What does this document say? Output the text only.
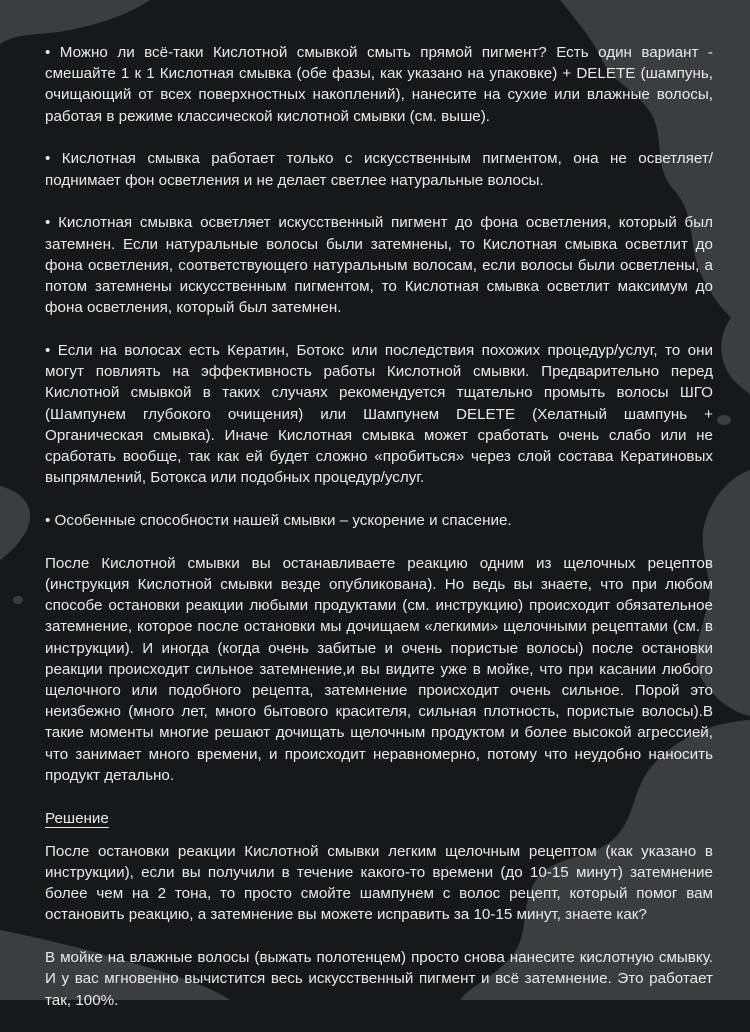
• Можно ли всё-таки Кислотной смывкой смыть прямой пигмент? Есть один вариант - смешайте 1 к 1 Кислотная смывка (обе фазы, как указано на упаковке) + DELETE (шампунь, очищающий от всех поверхностных накоплений), нанесите на сухие или влажные волосы, работая в режиме классической кислотной смывки (см. выше).

• Кислотная смывка работает только с искусственным пигментом, она не осветляет/поднимает фон осветления и не делает светлее натуральные волосы.

• Кислотная смывка осветляет искусственный пигмент до фона осветления, который был затемнен. Если натуральные волосы были затемнены, то Кислотная смывка осветлит до фона осветления, соответствующего натуральным волосам, если волосы были осветлены, а потом затемнены искусственным пигментом, то Кислотная смывка осветлит максимум до фона осветления, который был затемнен.

• Если на волосах есть Кератин, Ботокс или последствия похожих процедур/услуг, то они могут повлиять на эффективность работы Кислотной смывки. Предварительно перед Кислотной смывкой в таких случаях рекомендуется тщательно промыть волосы ШГО (Шампунем глубокого очищения) или Шампунем DELETE (Хелатный шампунь + Органическая смывка). Иначе Кислотная смывка может сработать очень слабо или не сработать вообще, так как ей будет сложно «пробиться» через слой состава Кератиновых выпрямлений, Ботокса или подобных процедур/услуг.

• Особенные способности нашей смывки – ускорение и спасение.

После Кислотной смывки вы останавливаете реакцию одним из щелочных рецептов (инструкция Кислотной смывки везде опубликована). Но ведь вы знаете, что при любом способе остановки реакции любыми продуктами (см. инструкцию) происходит обязательное затемнение, которое после остановки мы дочищаем «легкими» щелочными рецептами (см. в инструкции). И иногда (когда очень забитые и очень пористые волосы) после остановки реакции происходит сильное затемнение,и вы видите уже в мойке, что при касании любого щелочного или подобного рецепта, затемнение происходит очень сильное. Порой это неизбежно (много лет, много бытового красителя, сильная плотность, пористые волосы).В такие моменты многие решают дочищать щелочным продуктом и более высокой агрессией, что занимает много времени, и происходит неравномерно, потому что неудобно наносить продукт детально.

Решение

После остановки реакции Кислотной смывки легким щелочным рецептом (как указано в инструкции), если вы получили в течение какого-то времени (до 10-15 минут) затемнение более чем на 2 тона, то просто смойте шампунем с волос рецепт, который помог вам остановить реакцию, а затемнение вы можете исправить за 10-15 минут, знаете как?

В мойке на влажные волосы (выжать полотенцем) просто снова нанесите кислотную смывку. И у вас мгновенно вычистится весь искусственный пигмент и всё затемнение. Это работает так, 100%.
